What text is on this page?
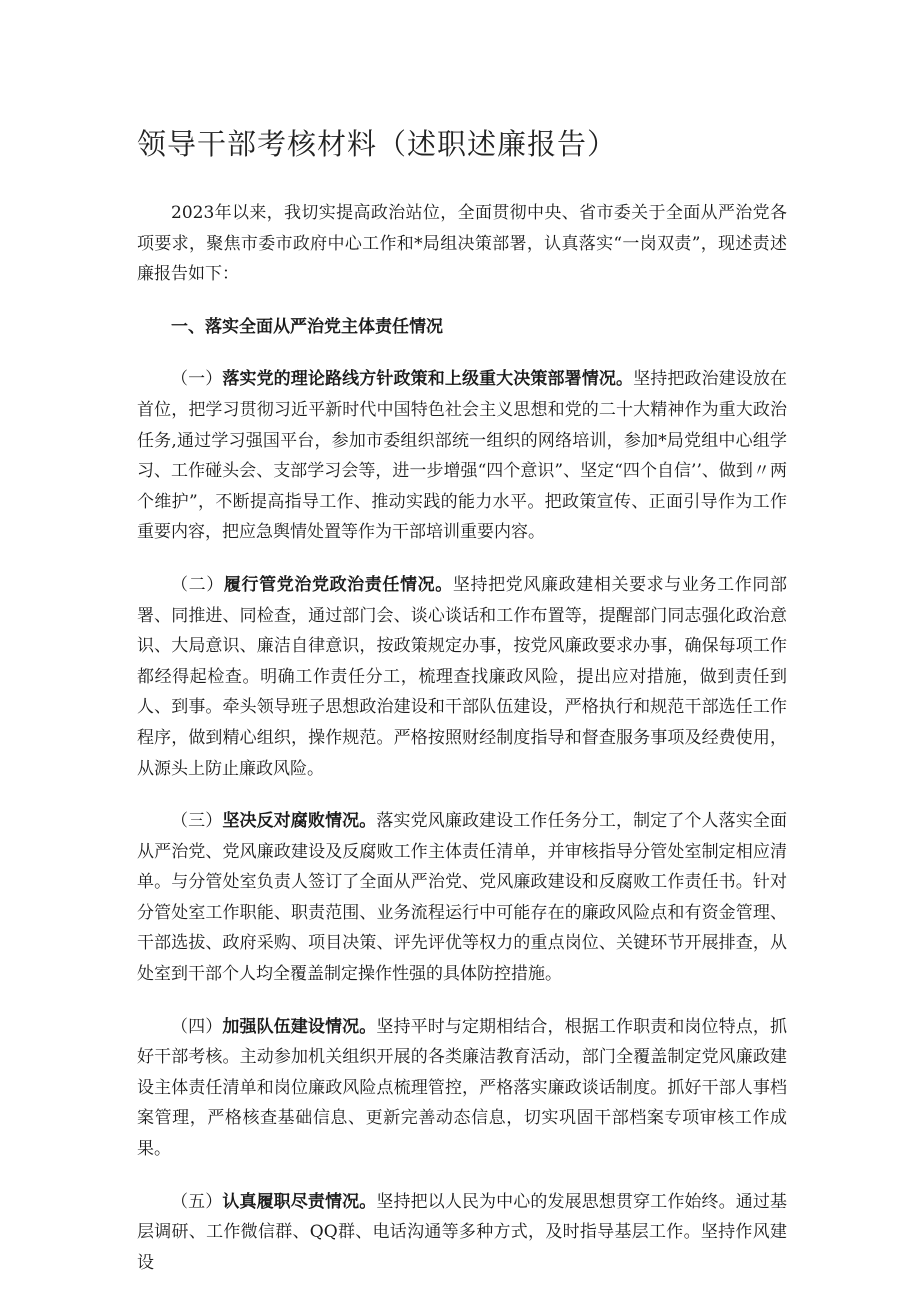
领导干部考核材料（述职述廉报告）

2023年以来，我切实提高政治站位，全面贯彻中央、省市委关于全面从严治党各项要求，聚焦市委市政府中心工作和*局组决策部署，认真落实“一岗双责”，现述责述廉报告如下：

一、落实全面从严治党主体责任情况

（一）落实党的理论路线方针政策和上级重大决策部署情况。坚持把政治建设放在首位，把学习贯彻习近平新时代中国特色社会主义思想和党的二十大精神作为重大政治任务,通过学习强国平台，参加市委组织部统一组织的网络培训，参加*局党组中心组学习、工作碰头会、支部学习会等，进一步增强“四个意识”、坚定“四个自信’’、做到〃两个维护”，不断提高指导工作、推动实践的能力水平。把政策宣传、正面引导作为工作重要内容，把应急舆情处置等作为干部培训重要内容。

（二）履行管党治党政治责任情况。坚持把党风廉政建相关要求与业务工作同部署、同推进、同检查，通过部门会、谈心谈话和工作布置等，提醒部门同志强化政治意识、大局意识、廉洁自律意识，按政策规定办事，按党风廉政要求办事，确保每项工作都经得起检查。明确工作责任分工，梳理查找廉政风险，提出应对措施，做到责任到人、到事。牵头领导班子思想政治建设和干部队伍建设，严格执行和规范干部选任工作程序，做到精心组织，操作规范。严格按照财经制度指导和督查服务事项及经费使用，从源头上防止廉政风险。

（三）坚决反对腐败情况。落实党风廉政建设工作任务分工，制定了个人落实全面从严治党、党风廉政建设及反腐败工作主体责任清单，并审核指导分管处室制定相应清单。与分管处室负责人签订了全面从严治党、党风廉政建设和反腐败工作责任书。针对分管处室工作职能、职责范围、业务流程运行中可能存在的廉政风险点和有资金管理、干部选拔、政府采购、项目决策、评先评优等权力的重点岗位、关键环节开展排查，从处室到干部个人均全覆盖制定操作性强的具体防控措施。

（四）加强队伍建设情况。坚持平时与定期相结合，根据工作职责和岗位特点，抓好干部考核。主动参加机关组织开展的各类廉洁教育活动，部门全覆盖制定党风廉政建设主体责任清单和岗位廉政风险点梳理管控，严格落实廉政谈话制度。抓好干部人事档案管理，严格核查基础信息、更新完善动态信息，切实巩固干部档案专项审核工作成果。

（五）认真履职尽责情况。坚持把以人民为中心的发展思想贯穿工作始终。通过基层调研、工作微信群、QQ群、电话沟通等多种方式，及时指导基层工作。坚持作风建设
